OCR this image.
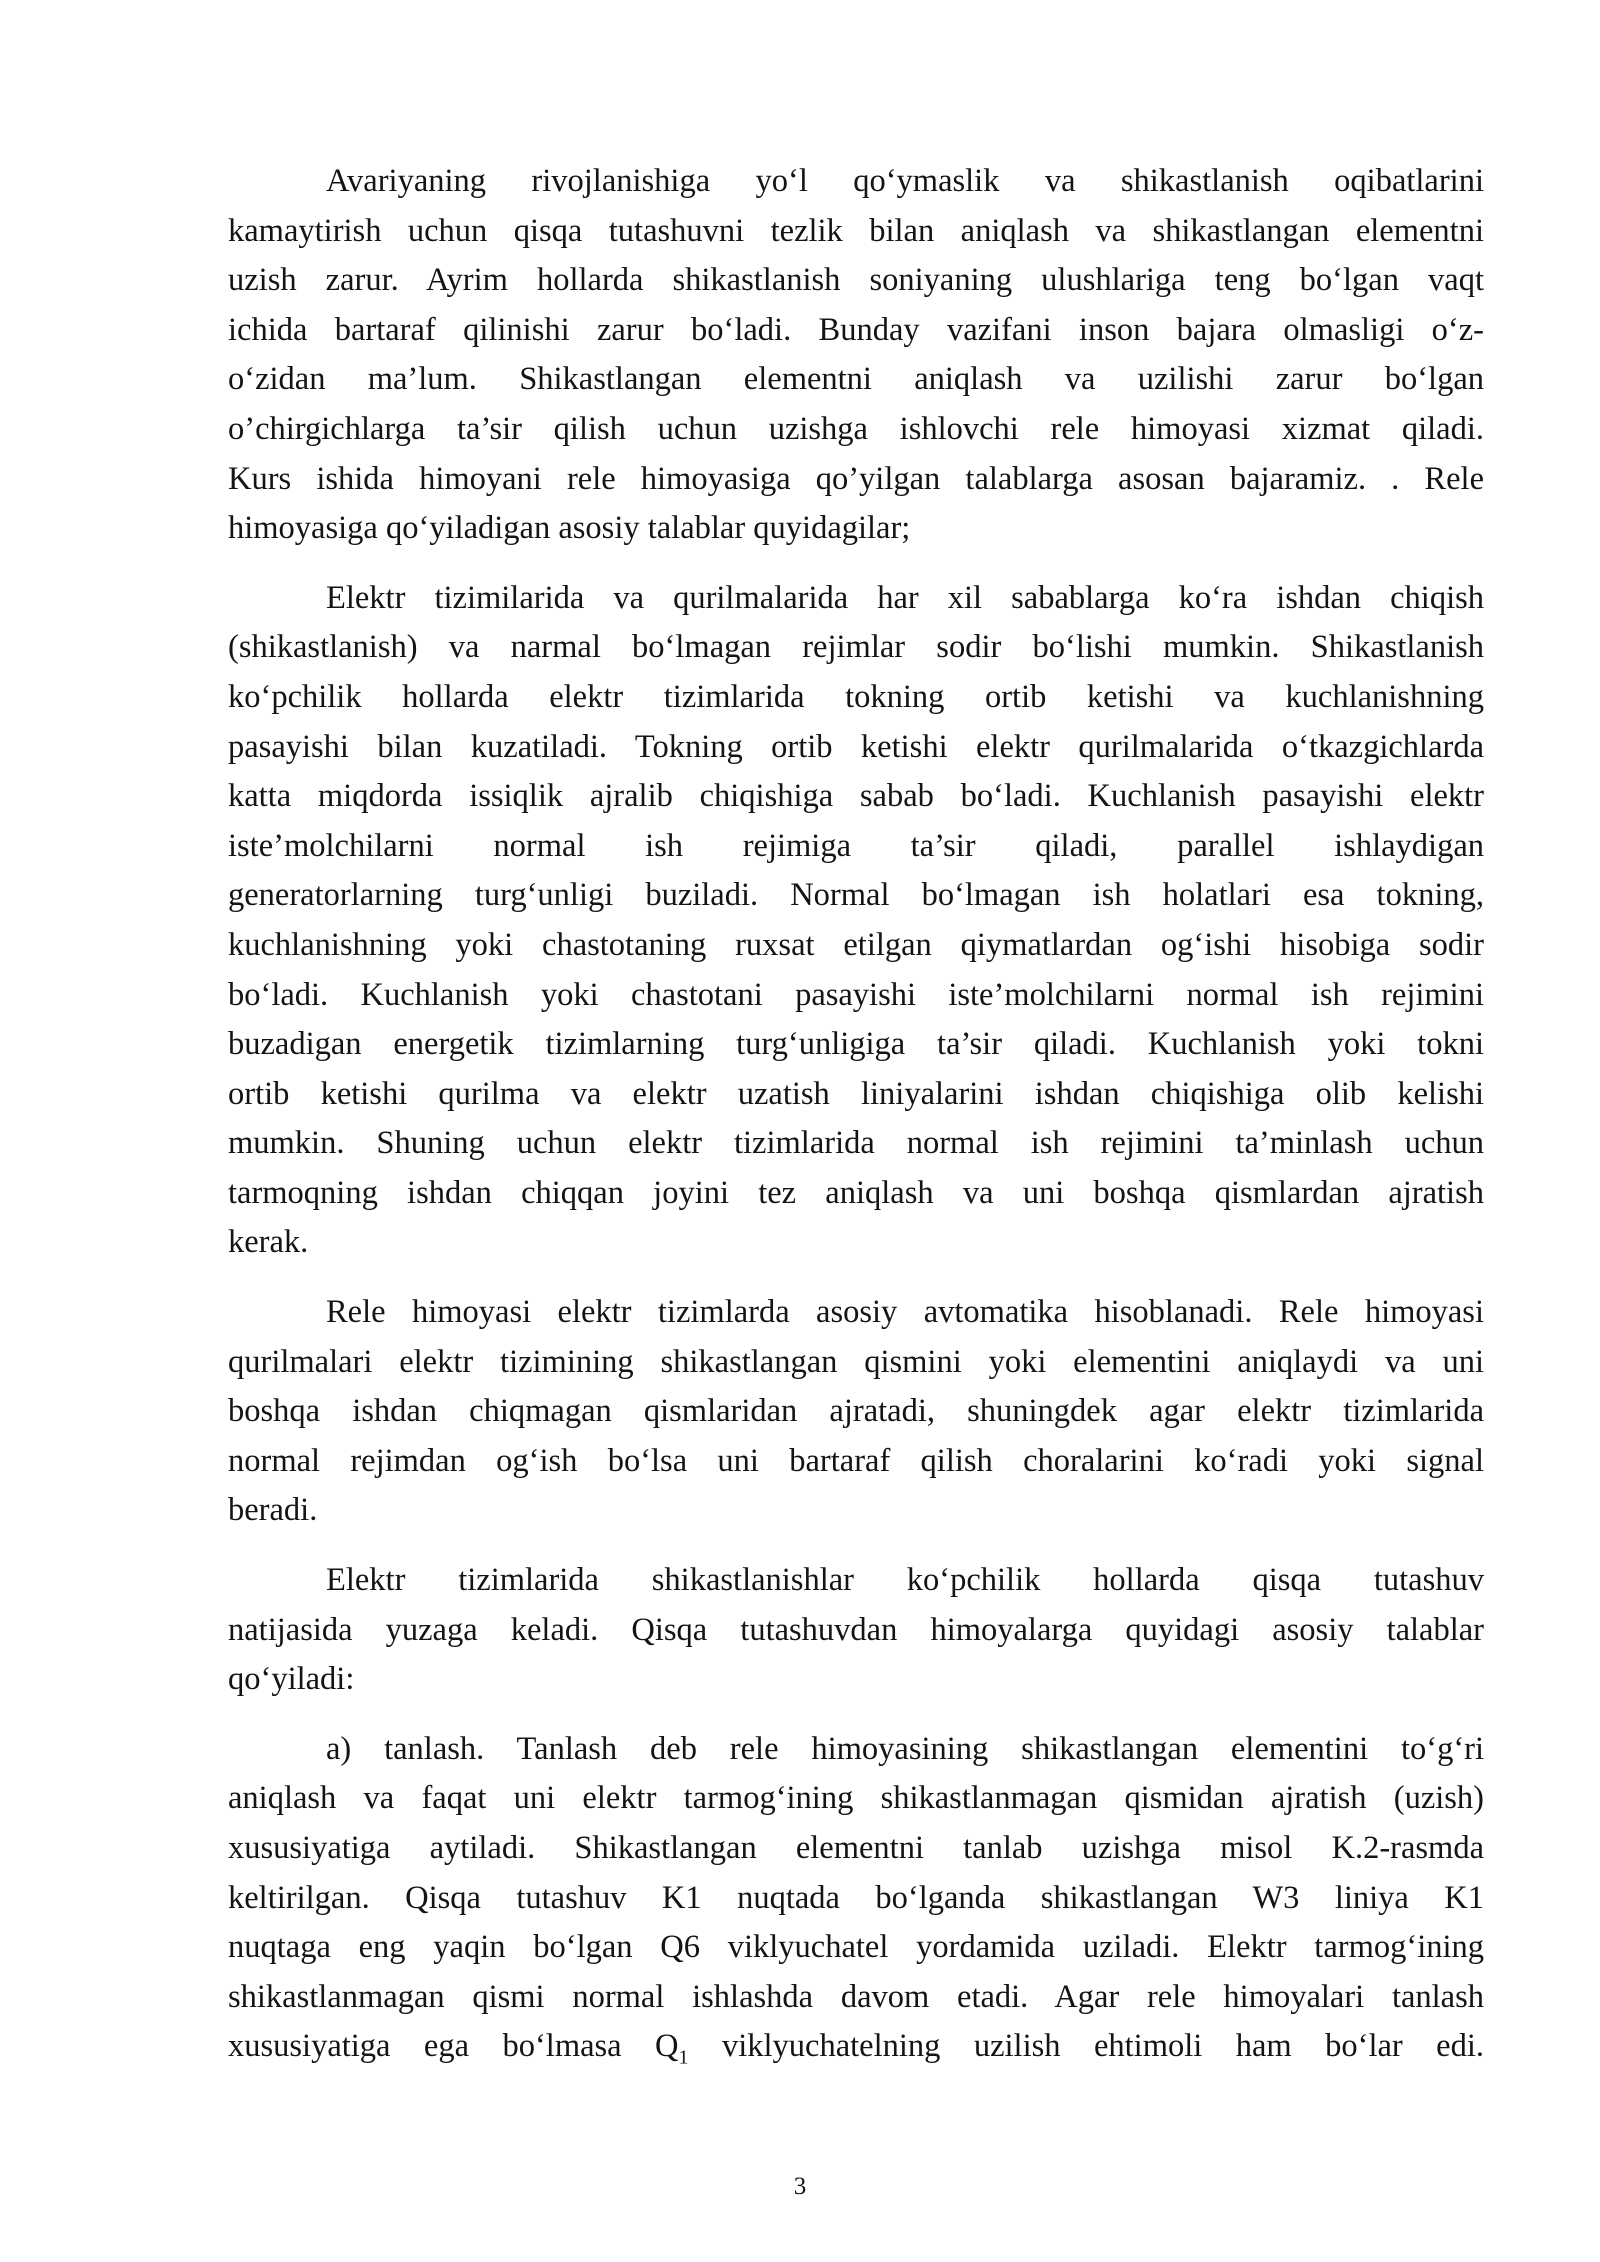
Avariyaning rivojlanishiga yo‘l qo‘ymaslik va shikastlanish oqibatlarini
kamaytirish uchun qisqa tutashuvni tezlik bilan aniqlash va shikastlangan elementni
uzish zarur. Ayrim hollarda shikastlanish soniyaning ulushlariga teng bo‘lgan vaqt
ichida bartaraf qilinishi zarur bo‘ladi. Bunday vazifani inson bajara olmasligi o‘z-
o‘zidan ma’lum. Shikastlangan elementni aniqlash va uzilishi zarur bo‘lgan
o’chirgichlarga ta’sir qilish uchun uzishga ishlovchi rele himoyasi xizmat qiladi.
Kurs ishida himoyani rele himoyasiga qo’yilgan talablarga asosan bajaramiz. . Rele
himoyasiga qo‘yiladigan asosiy talablar quyidagilar;
Elektr tizimilarida va qurilmalarida har xil sabablarga ko‘ra ishdan chiqish
(shikastlanish) va narmal bo‘lmagan rejimlar sodir bo‘lishi mumkin. Shikastlanish
ko‘pchilik hollarda elektr tizimlarida tokning ortib ketishi va kuchlanishning
pasayishi bilan kuzatiladi. Tokning ortib ketishi elektr qurilmalarida o‘tkazgichlarda
katta miqdorda issiqlik ajralib chiqishiga sabab bo‘ladi. Kuchlanish pasayishi elektr
iste’molchilarni normal ish rejimiga ta’sir qiladi, parallel ishlaydigan
generatorlarning turg‘unligi buziladi. Normal bo‘lmagan ish holatlari esa tokning,
kuchlanishning yoki chastotaning ruxsat etilgan qiymatlardan og‘ishi hisobiga sodir
bo‘ladi. Kuchlanish yoki chastotani pasayishi iste’molchilarni normal ish rejimini
buzadigan energetik tizimlarning turg‘unligiga ta’sir qiladi. Kuchlanish yoki tokni
ortib ketishi qurilma va elektr uzatish liniyalarini ishdan chiqishiga olib kelishi
mumkin. Shuning uchun elektr tizimlarida normal ish rejimini ta’minlash uchun
tarmoqning ishdan chiqqan joyini tez aniqlash va uni boshqa qismlardan ajratish
kerak.
Rele himoyasi elektr tizimlarda asosiy avtomatika hisoblanadi. Rele himoyasi
qurilmalari elektr tizimining shikastlangan qismini yoki elementini aniqlaydi va uni
boshqa ishdan chiqmagan qismlaridan ajratadi, shuningdek agar elektr tizimlarida
normal rejimdan og‘ish bo‘lsa uni bartaraf qilish choralarini ko‘radi yoki signal
beradi.
Elektr tizimlarida shikastlanishlar ko‘pchilik hollarda qisqa tutashuv
natijasida yuzaga keladi. Qisqa tutashuvdan himoyalarga quyidagi asosiy talablar
qo‘yiladi:
a) tanlash. Tanlash deb rele himoyasining shikastlangan elementini to‘g‘ri
aniqlash va faqat uni elektr tarmog‘ining shikastlanmagan qismidan ajratish (uzish)
xususiyatiga aytiladi. Shikastlangan elementni tanlab uzishga misol K.2-rasmda
keltirilgan. Qisqa tutashuv K1 nuqtada bo‘lganda shikastlangan W3 liniya K1
nuqtaga eng yaqin bo‘lgan Q6 viklyuchatel yordamida uziladi. Elektr tarmog‘ining
shikastlanmagan qismi normal ishlashda davom etadi. Agar rele himoyalari tanlash
xususiyatiga ega bo‘lmasa $Q_1$ viklyuchatelning uzilish ehtimoli ham bo‘lar edi.
3
